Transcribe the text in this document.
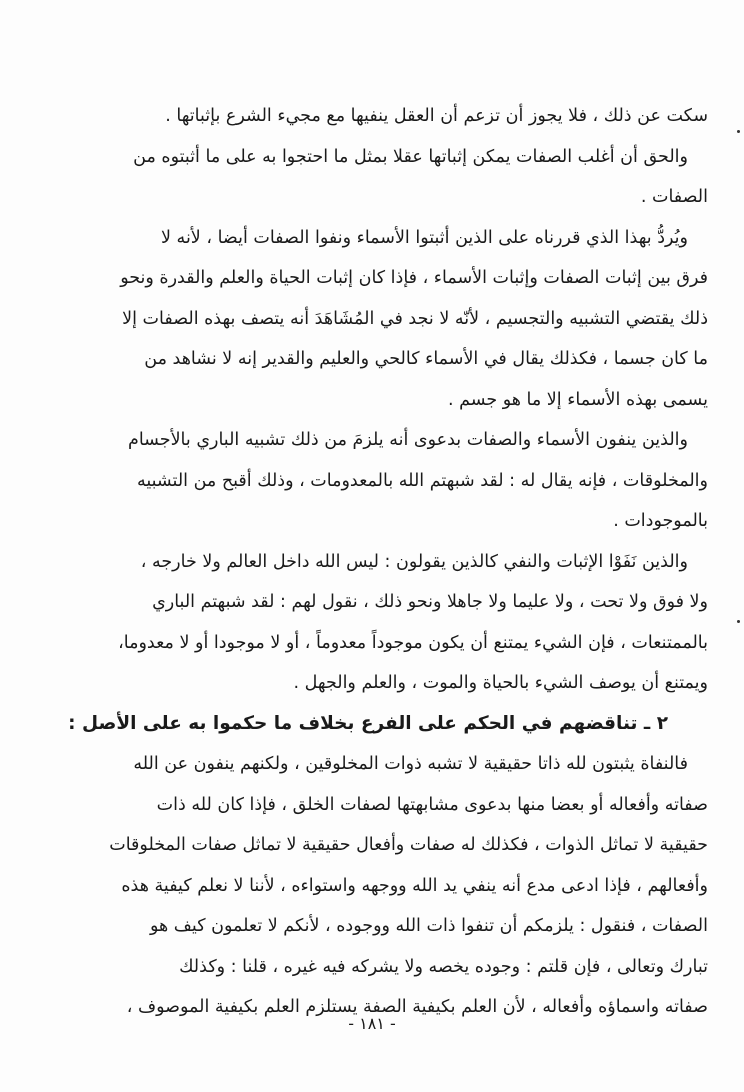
سكت عن ذلك ، فلا يجوز أن تزعم أن العقل ينفيها مع مجيء الشرع بإثباتها .
والحق أن أغلب الصفات يمكن إثباتها عقلا بمثل ما احتجوا به على ما أثبتوه من
الصفات .
ويُردُّ بهذا الذي قررناه على الذين أثبتوا الأسماء ونفوا الصفات أيضا ، لأنه لا
فرق بين إثبات الصفات وإثبات الأسماء ، فإذا كان إثبات الحياة والعلم والقدرة ونحو
ذلك يقتضي التشبيه والتجسيم ، لأنّه لا نجد في المُشَاهَدَ أنه يتصف بهذه الصفات إلا
ما كان جسما ، فكذلك يقال في الأسماء كالحي والعليم والقدير إنه لا نشاهد من
يسمى بهذه الأسماء إلا ما هو جسم .
والذين ينفون الأسماء والصفات بدعوى أنه يلزمَ من ذلك تشبيه الباري بالأجسام
والمخلوقات ، فإنه يقال له : لقد شبهتم الله بالمعدومات ، وذلك أقبح من التشبيه
بالموجودات .
والذين نَفَوْا الإثبات والنفي كالذين يقولون : ليس الله داخل العالم ولا خارجه ،
ولا فوق ولا تحت ، ولا عليما ولا جاهلا ونحو ذلك ، نقول لهم : لقد شبهتم الباري
بالممتنعات ، فإن الشيء يمتنع أن يكون موجوداً معدوماً ، أو لا موجودا أو لا معدوما،
ويمتنع أن يوصف الشيء بالحياة والموت ، والعلم والجهل .
٢ ـ تناقضهم في الحكم على الفرع بخلاف ما حكموا به على الأصل :
فالنفاة يثبتون لله ذاتا حقيقية لا تشبه ذوات المخلوقين ، ولكنهم ينفون عن الله
صفاته وأفعاله أو بعضا منها بدعوى مشابهتها لصفات الخلق ، فإذا كان لله ذات
حقيقية لا تماثل الذوات ، فكذلك له صفات وأفعال حقيقية لا تماثل صفات المخلوقات
وأفعالهم ، فإذا ادعى مدع أنه ينفي يد الله ووجهه واستواءه ، لأننا لا نعلم كيفية هذه
الصفات ، فنقول : يلزمكم أن تنفوا ذات الله ووجوده ، لأنكم لا تعلمون كيف هو
تبارك وتعالى ، فإن قلتم : وجوده يخصه ولا يشركه فيه غيره ، قلنا : وكذلك
صفاته واسماؤه وأفعاله ، لأن العلم بكيفية الصفة يستلزم العلم بكيفية الموصوف ،
- ١٨١ -
